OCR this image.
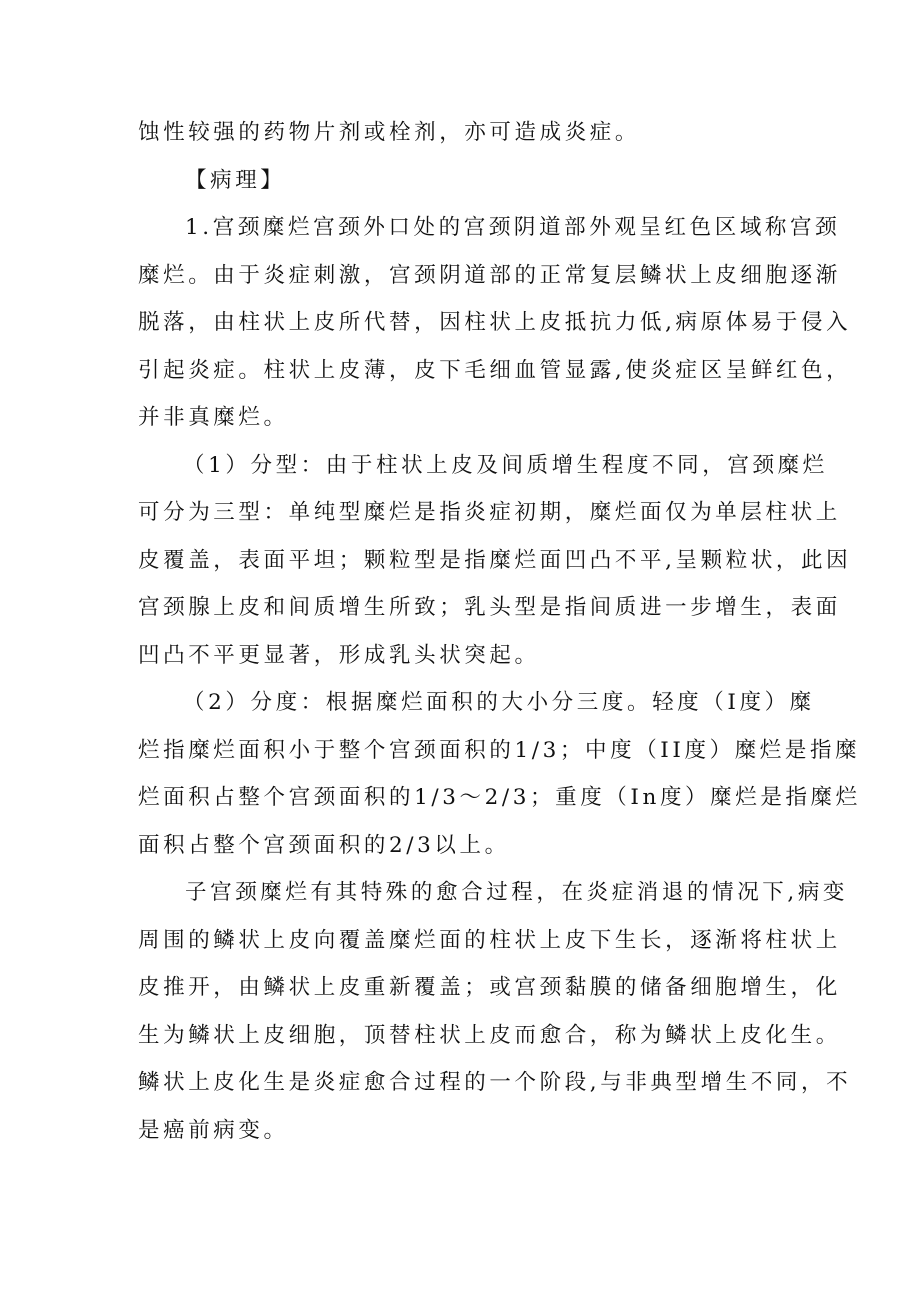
蚀性较强的药物片剂或栓剂，亦可造成炎症。
【病理】
1.宫颈糜烂宫颈外口处的宫颈阴道部外观呈红色区域称宫颈
糜烂。由于炎症刺激，宫颈阴道部的正常复层鳞状上皮细胞逐渐
脱落，由柱状上皮所代替，因柱状上皮抵抗力低,病原体易于侵入
引起炎症。柱状上皮薄，皮下毛细血管显露,使炎症区呈鲜红色，
并非真糜烂。
（1）分型：由于柱状上皮及间质增生程度不同，宫颈糜烂
可分为三型：单纯型糜烂是指炎症初期，糜烂面仅为单层柱状上
皮覆盖，表面平坦；颗粒型是指糜烂面凹凸不平,呈颗粒状，此因
宫颈腺上皮和间质增生所致；乳头型是指间质进一步增生，表面
凹凸不平更显著，形成乳头状突起。
（2）分度：根据糜烂面积的大小分三度。轻度（I度）糜
烂指糜烂面积小于整个宫颈面积的1/3；中度（II度）糜烂是指糜
烂面积占整个宫颈面积的1/3～2/3；重度（In度）糜烂是指糜烂
面积占整个宫颈面积的2/3以上。
子宫颈糜烂有其特殊的愈合过程，在炎症消退的情况下,病变
周围的鳞状上皮向覆盖糜烂面的柱状上皮下生长，逐渐将柱状上
皮推开，由鳞状上皮重新覆盖；或宫颈黏膜的储备细胞增生，化
生为鳞状上皮细胞，顶替柱状上皮而愈合，称为鳞状上皮化生。
鳞状上皮化生是炎症愈合过程的一个阶段,与非典型增生不同，不
是癌前病变。
